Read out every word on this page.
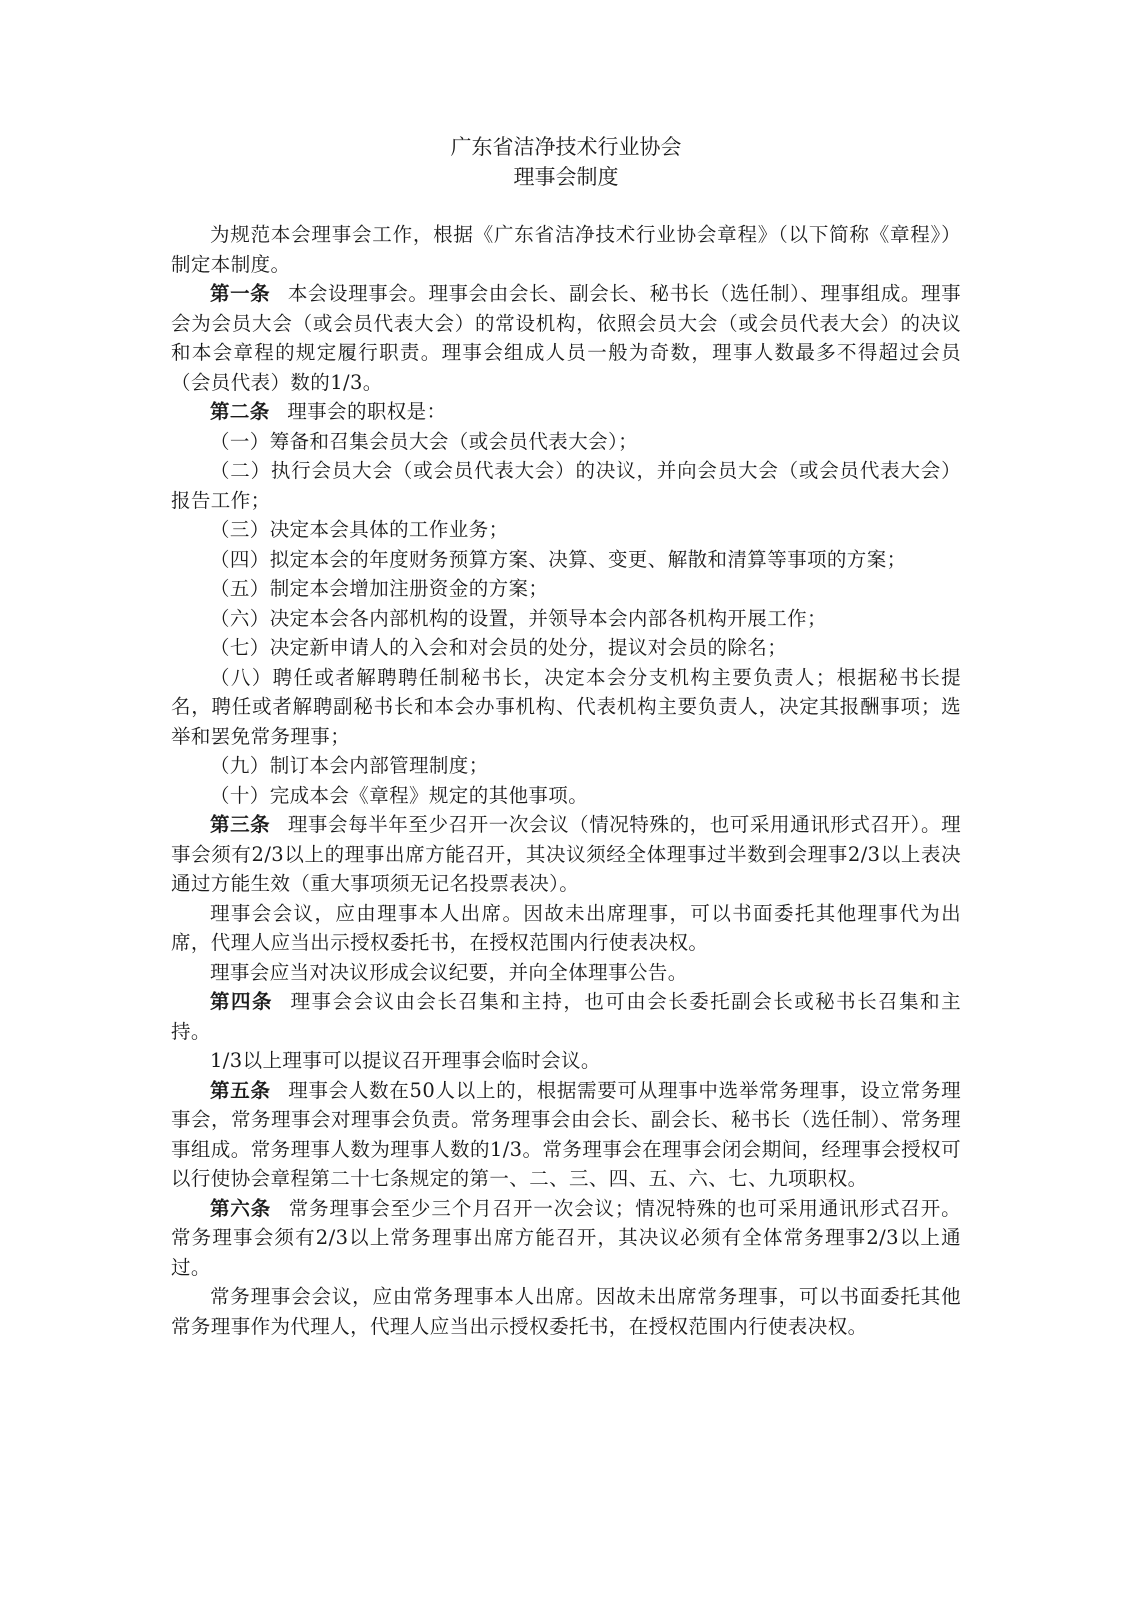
广东省洁净技术行业协会
理事会制度

为规范本会理事会工作，根据《广东省洁净技术行业协会章程》（以下简称《章程》）制定本制度。

第一条 本会设理事会。理事会由会长、副会长、秘书长（选任制）、理事组成。理事会为会员大会（或会员代表大会）的常设机构，依照会员大会（或会员代表大会）的决议和本会章程的规定履行职责。理事会组成人员一般为奇数，理事人数最多不得超过会员（会员代表）数的1/3。

第二条 理事会的职权是：

（一）筹备和召集会员大会（或会员代表大会）；

（二）执行会员大会（或会员代表大会）的决议，并向会员大会（或会员代表大会）报告工作；

（三）决定本会具体的工作业务；

（四）拟定本会的年度财务预算方案、决算、变更、解散和清算等事项的方案；

（五）制定本会增加注册资金的方案；

（六）决定本会各内部机构的设置，并领导本会内部各机构开展工作；

（七）决定新申请人的入会和对会员的处分，提议对会员的除名；

（八）聘任或者解聘聘任制秘书长，决定本会分支机构主要负责人；根据秘书长提名，聘任或者解聘副秘书长和本会办事机构、代表机构主要负责人，决定其报酬事项；选举和罢免常务理事；

（九）制订本会内部管理制度；

（十）完成本会《章程》规定的其他事项。

第三条 理事会每半年至少召开一次会议（情况特殊的，也可采用通讯形式召开）。理事会须有2/3以上的理事出席方能召开，其决议须经全体理事过半数到会理事2/3以上表决通过方能生效（重大事项须无记名投票表决）。

理事会会议，应由理事本人出席。因故未出席理事，可以书面委托其他理事代为出席，代理人应当出示授权委托书，在授权范围内行使表决权。

理事会应当对决议形成会议纪要，并向全体理事公告。

第四条 理事会会议由会长召集和主持，也可由会长委托副会长或秘书长召集和主持。

1/3以上理事可以提议召开理事会临时会议。

第五条 理事会人数在50人以上的，根据需要可从理事中选举常务理事，设立常务理事会，常务理事会对理事会负责。常务理事会由会长、副会长、秘书长（选任制）、常务理事组成。常务理事人数为理事人数的1/3。常务理事会在理事会闭会期间，经理事会授权可以行使协会章程第二十七条规定的第一、二、三、四、五、六、七、九项职权。

第六条 常务理事会至少三个月召开一次会议；情况特殊的也可采用通讯形式召开。常务理事会须有2/3以上常务理事出席方能召开，其决议必须有全体常务理事2/3以上通过。

常务理事会会议，应由常务理事本人出席。因故未出席常务理事，可以书面委托其他常务理事作为代理人，代理人应当出示授权委托书，在授权范围内行使表决权。
